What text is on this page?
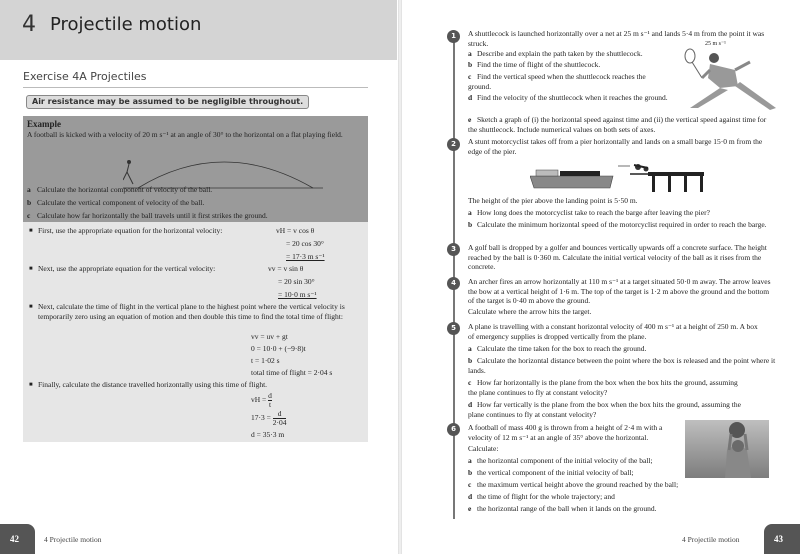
4 Projectile motion
Exercise 4A Projectiles
Air resistance may be assumed to be negligible throughout.
Example
A football is kicked with a velocity of 20 m s⁻¹ at an angle of 30° to the horizontal on a flat playing field.
a Calculate the horizontal component of velocity of the ball.
b Calculate the vertical component of velocity of the ball.
c Calculate how far horizontally the ball travels until it first strikes the ground.
■ First, use the appropriate equation for the horizontal velocity:	vH = v cos θ
= 20 cos 30°
= 17·3 m s⁻¹
■ Next, use the appropriate equation for the vertical velocity:	vv = v sin θ
= 20 sin 30°
= 10·0 m s⁻¹
■ Next, calculate the time of flight in the vertical plane to the highest point where the vertical velocity is temporarily zero using an equation of motion and then double this time to find the total time of flight:
vv = uv + gt
0 = 10·0 + (−9·8)t
t = 1·02 s
total time of flight = 2·04 s
■ Finally, calculate the distance travelled horizontally using this time of flight.
vH = $\frac{d}{t}$
$17\cdot 3 = \frac{d}{2\cdot 04}$
d = 35·3 m
42	4 Projectile motion
1	A shuttlecock is launched horizontally over a net at 25 m s⁻¹ and lands 5·4 m from the point it was struck.
a Describe and explain the path taken by the shuttlecock.
b Find the time of flight of the shuttlecock.
c Find the vertical speed when the shuttlecock reaches the ground.
d Find the velocity of the shuttlecock when it reaches the ground.
e Sketch a graph of (i) the horizontal speed against time and (ii) the vertical speed against time for the shuttlecock. Include numerical values on both sets of axes.
25 m s⁻¹
2	A stunt motorcyclist takes off from a pier horizontally and lands on a small barge 15·0 m from the edge of the pier.
The height of the pier above the landing point is 5·50 m.
a How long does the motorcyclist take to reach the barge after leaving the pier?
b Calculate the minimum horizontal speed of the motorcyclist required in order to reach the barge.
3	A golf ball is dropped by a golfer and bounces vertically upwards off a concrete surface. The height reached by the ball is 0·360 m. Calculate the initial vertical velocity of the ball as it rises from the concrete.
4	An archer fires an arrow horizontally at 110 m s⁻¹ at a target situated 50·0 m away. The arrow leaves the bow at a vertical height of 1·6 m. The top of the target is 1·2 m above the ground and the bottom of the target is 0·40 m above the ground.
Calculate where the arrow hits the target.
5	A plane is travelling with a constant horizontal velocity of 400 m s⁻¹ at a height of 250 m. A box of emergency supplies is dropped vertically from the plane.
a Calculate the time taken for the box to reach the ground.
b Calculate the horizontal distance between the point where the box is released and the point where it lands.
c How far horizontally is the plane from the box when the box hits the ground, assuming the plane continues to fly at constant velocity?
d How far vertically is the plane from the box when the box hits the ground, assuming the plane continues to fly at constant velocity?
6	A football of mass 400 g is thrown from a height of 2·4 m with a velocity of 12 m s⁻¹ at an angle of 35° above the horizontal.
Calculate:
a the horizontal component of the initial velocity of the ball;
b the vertical component of the initial velocity of ball;
c the maximum vertical height above the ground reached by the ball;
d the time of flight for the whole trajectory; and
e the horizontal range of the ball when it lands on the ground.
4 Projectile motion	43
